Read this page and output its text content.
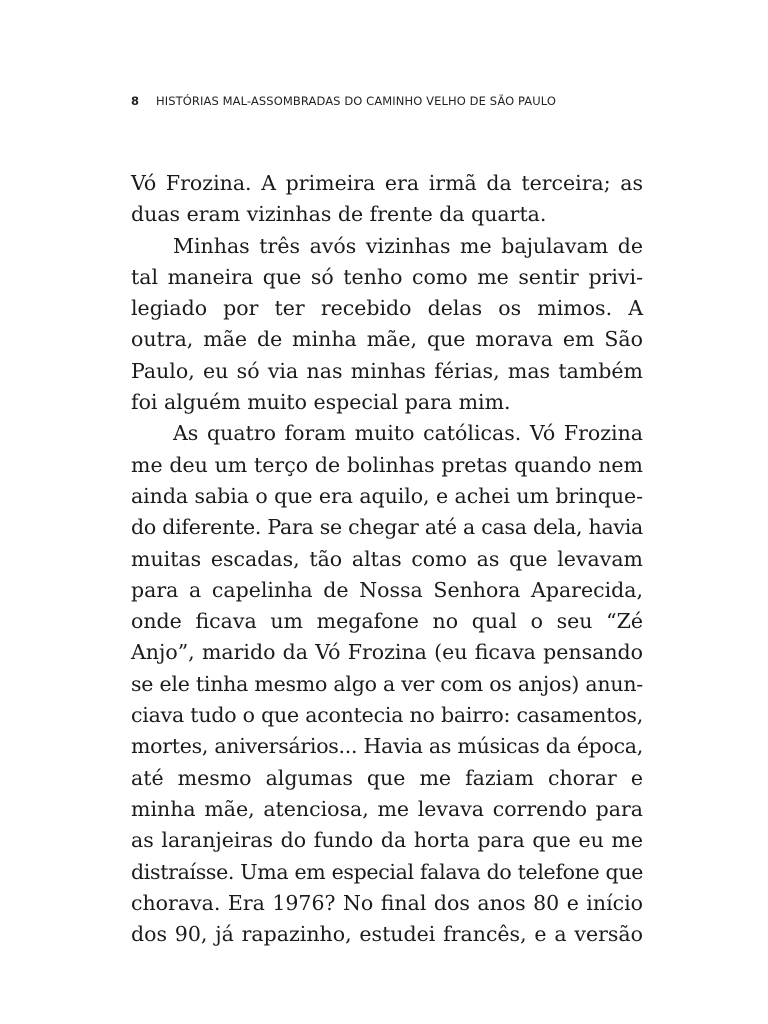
8 HISTÓRIAS MAL-ASSOMBRADAS DO CAMINHO VELHO DE SÃO PAULO
Vó Frozina. A primeira era irmã da terceira; as
duas eram vizinhas de frente da quarta.
Minhas três avós vizinhas me bajulavam de
tal maneira que só tenho como me sentir privi-
legiado por ter recebido delas os mimos. A
outra, mãe de minha mãe, que morava em São
Paulo, eu só via nas minhas férias, mas também
foi alguém muito especial para mim.
As quatro foram muito católicas. Vó Frozina
me deu um terço de bolinhas pretas quando nem
ainda sabia o que era aquilo, e achei um brinque-
do diferente. Para se chegar até a casa dela, havia
muitas escadas, tão altas como as que levavam
para a capelinha de Nossa Senhora Aparecida,
onde ficava um megafone no qual o seu “Zé
Anjo”, marido da Vó Frozina (eu ficava pensando
se ele tinha mesmo algo a ver com os anjos) anun-
ciava tudo o que acontecia no bairro: casamentos,
mortes, aniversários... Havia as músicas da época,
até mesmo algumas que me faziam chorar e
minha mãe, atenciosa, me levava correndo para
as laranjeiras do fundo da horta para que eu me
distraísse. Uma em especial falava do telefone que
chorava. Era 1976? No final dos anos 80 e início
dos 90, já rapazinho, estudei francês, e a versão
